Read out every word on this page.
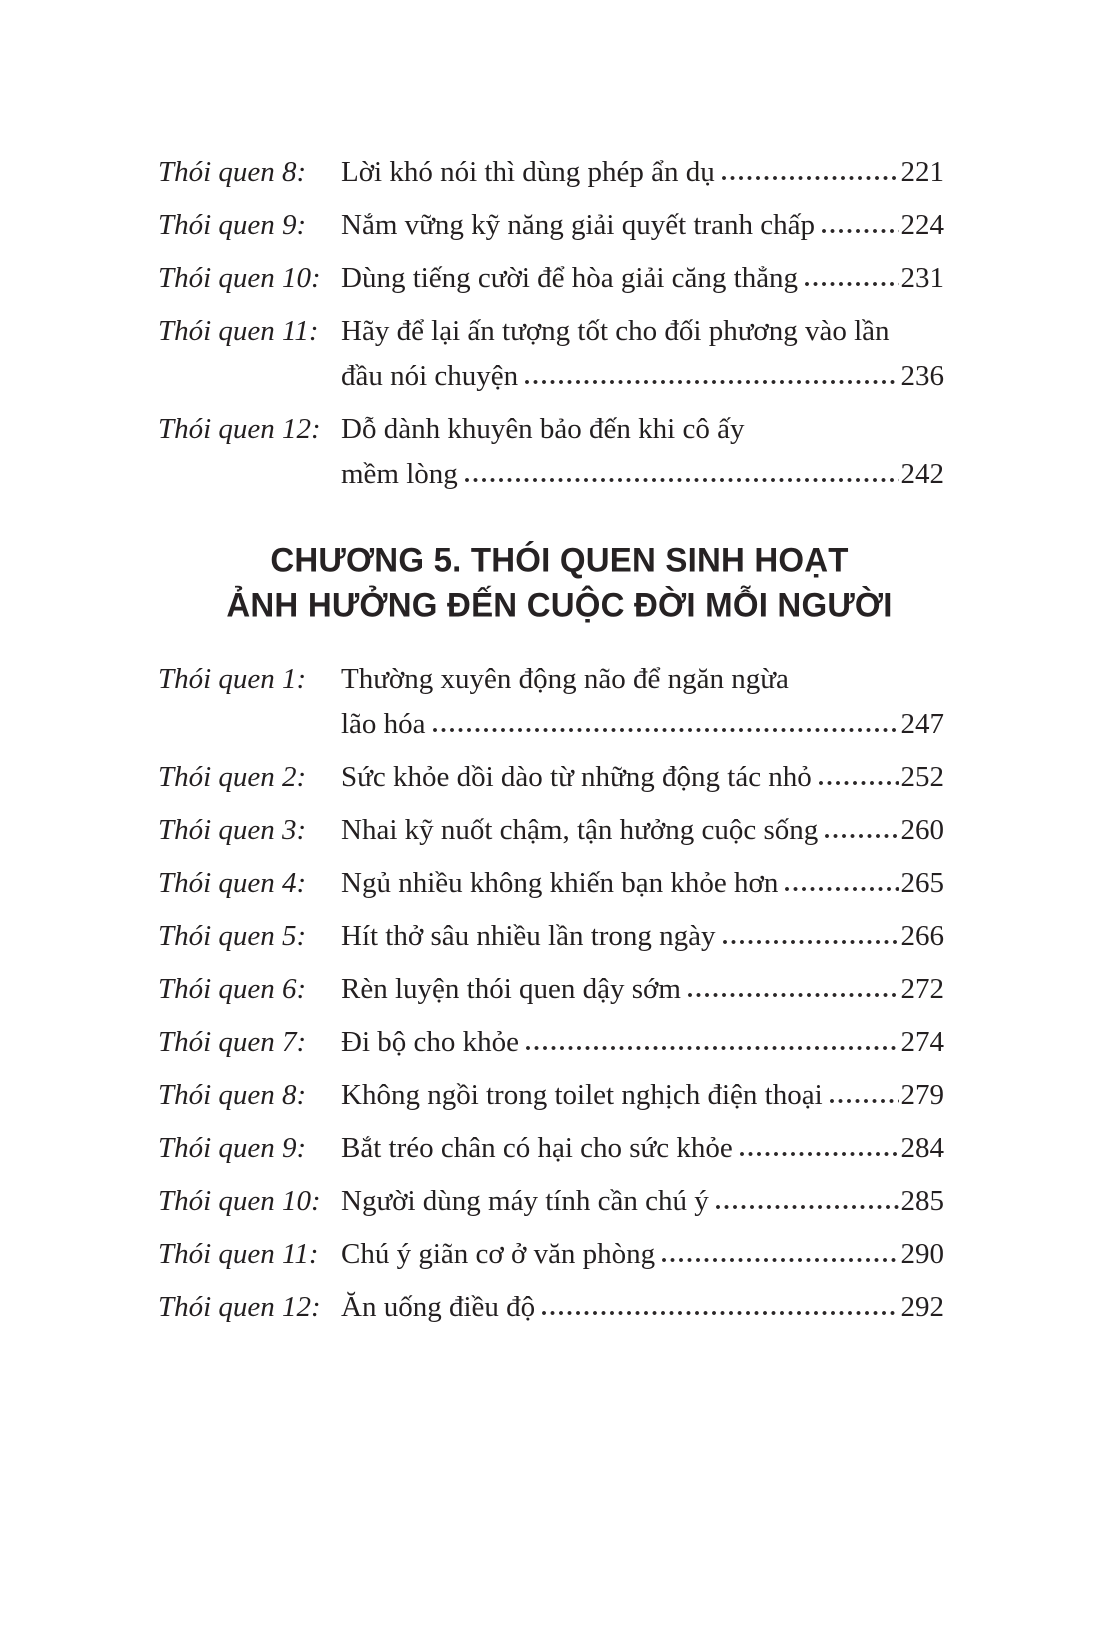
Thói quen 8:	Lời khó nói thì dùng phép ẩn dụ	221
Thói quen 9:	Nắm vững kỹ năng giải quyết tranh chấp	224
Thói quen 10: Dùng tiếng cười để hòa giải căng thẳng	231
Thói quen 11: Hãy để lại ấn tượng tốt cho đối phương vào lần
đầu nói chuyện	236
Thói quen 12: Dỗ dành khuyên bảo đến khi cô ấy
mềm lòng	242
CHƯƠNG 5. THÓI QUEN SINH HOẠT
ẢNH HƯỞNG ĐẾN CUỘC ĐỜI MỖI NGƯỜI
Thói quen 1:	Thường xuyên động não để ngăn ngừa
lão hóa	247
Thói quen 2:	Sức khỏe dồi dào từ những động tác nhỏ	252
Thói quen 3:	Nhai kỹ nuốt chậm, tận hưởng cuộc sống	260
Thói quen 4:	Ngủ nhiều không khiến bạn khỏe hơn	265
Thói quen 5:	Hít thở sâu nhiều lần trong ngày	266
Thói quen 6:	Rèn luyện thói quen dậy sớm	272
Thói quen 7:	Đi bộ cho khỏe	274
Thói quen 8:	Không ngồi trong toilet nghịch điện thoại	279
Thói quen 9:	Bắt tréo chân có hại cho sức khỏe	284
Thói quen 10: Người dùng máy tính cần chú ý	285
Thói quen 11: Chú ý giãn cơ ở văn phòng	290
Thói quen 12: Ăn uống điều độ	292
